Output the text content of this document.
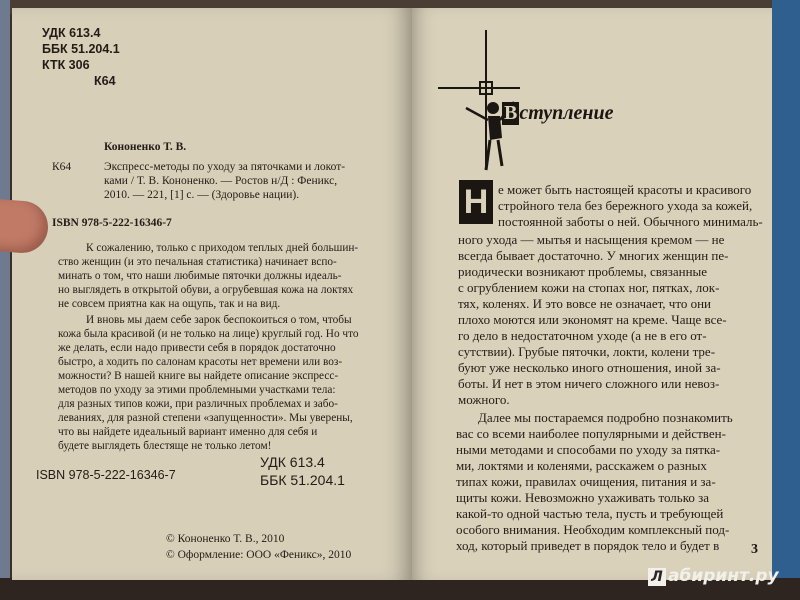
УДК 613.4
ББК 51.204.1
КТК 306
К64
Кононенко Т. В.
К64	Экспресс-методы по уходу за пяточками и локот-
ками / Т. В. Кононенко. — Ростов н/Д : Феникс,
2010. — 221, [1] с. — (Здоровье нации).
ISBN 978-5-222-16346-7
К сожалению, только с приходом теплых дней большин-
ство женщин (и это печальная статистика) начинает вспо-
минать о том, что наши любимые пяточки должны идеаль-
но выглядеть в открытой обуви, а огрубевшая кожа на локтях
не совсем приятна как на ощупь, так и на вид.
И вновь мы даем себе зарок беспокоиться о том, чтобы
кожа была красивой (и не только на лице) круглый год. Но что
же делать, если надо привести себя в порядок достаточно
быстро, а ходить по салонам красоты нет времени или воз-
можности? В нашей книге вы найдете описание экспресс-
методов по уходу за этими проблемными участками тела:
для разных типов кожи, при различных проблемах и забо-
леваниях, для разной степени «запущенности». Мы уверены,
что вы найдете идеальный вариант именно для себя и
будете выглядеть блестяще не только летом!
ISBN 978-5-222-16346-7
УДК 613.4
ББК 51.204.1
© Кононенко Т. В., 2010
© Оформление: ООО «Феникс», 2010
В ступление
Н е может быть настоящей красоты и красивого
стройного тела без бережного ухода за кожей,
постоянной заботы о ней. Обычного минималь-
ного ухода — мытья и насыщения кремом — не
всегда бывает достаточно. У многих женщин пе-
риодически возникают проблемы, связанные
с огрублением кожи на стопах ног, пятках, лок-
тях, коленях. И это вовсе не означает, что они
плохо моются или экономят на креме. Чаще все-
го дело в недостаточном уходе (а не в его от-
сутствии). Грубые пяточки, локти, колени тре-
буют уже несколько иного отношения, иной за-
боты. И нет в этом ничего сложного или невоз-
можного.
Далее мы постараемся подробно познакомить
вас со всеми наиболее популярными и действен-
ными методами и способами по уходу за пятка-
ми, локтями и коленями, расскажем о разных
типах кожи, правилах очищения, питания и за-
щиты кожи. Невозможно ухаживать только за
какой-то одной частью тела, пусть и требующей
особого внимания. Необходим комплексный под-
ход, который приведет в порядок тело и будет в 3
Л абиринт.ру
